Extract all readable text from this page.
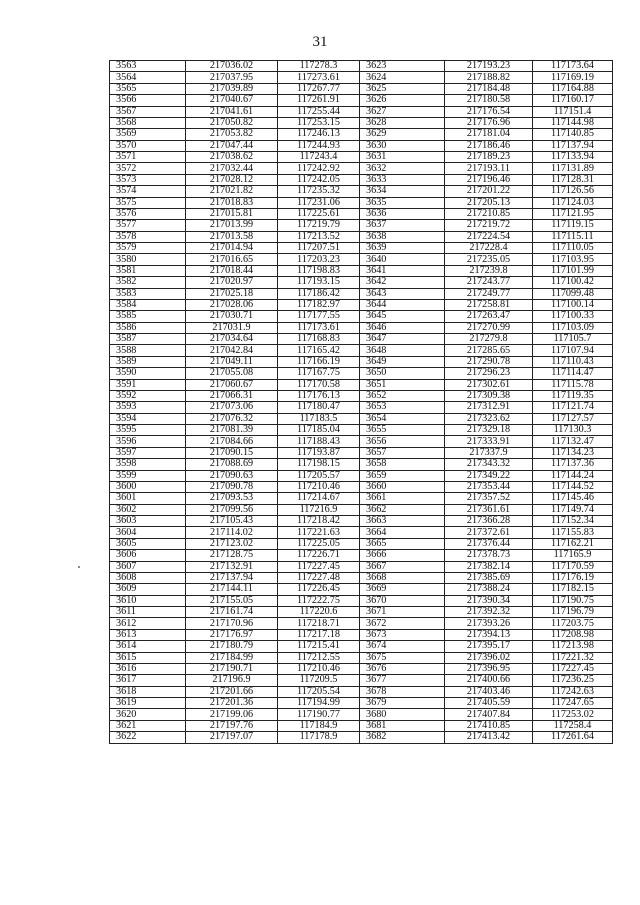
31
3563	217036.02	117278.3	3623	217193.23	117173.64
3564	217037.95	117273.61	3624	217188.82	117169.19
3565	217039.89	117267.77	3625	217184.48	117164.88
3566	217040.67	117261.91	3626	217180.58	117160.17
3567	217041.61	117255.44	3627	217176.54	117151.4
3568	217050.82	117253.15	3628	217176.96	117144.98
3569	217053.82	117246.13	3629	217181.04	117140.85
3570	217047.44	117244.93	3630	217186.46	117137.94
3571	217038.62	117243.4	3631	217189.23	117133.94
3572	217032.44	117242.92	3632	217193.11	117131.89
3573	217028.12	117242.05	3633	217196.46	117128.31
3574	217021.82	117235.32	3634	217201.22	117126.56
3575	217018.83	117231.06	3635	217205.13	117124.03
3576	217015.81	117225.61	3636	217210.85	117121.95
3577	217013.99	117219.79	3637	217219.72	117119.15
3578	217013.58	117213.52	3638	217224.54	117115.11
3579	217014.94	117207.51	3639	217228.4	117110.05
3580	217016.65	117203.23	3640	217235.05	117103.95
3581	217018.44	117198.83	3641	217239.8	117101.99
3582	217020.97	117193.15	3642	217243.77	117100.42
3583	217025.18	117186.42	3643	217249.77	117099.48
3584	217028.06	117182.97	3644	217258.81	117100.14
3585	217030.71	117177.55	3645	217263.47	117100.33
3586	217031.9	117173.61	3646	217270.99	117103.09
3587	217034.64	117168.83	3647	217279.8	117105.7
3588	217042.84	117165.42	3648	217285.65	117107.94
3589	217049.11	117166.19	3649	217290.78	117110.43
3590	217055.08	117167.75	3650	217296.23	117114.47
3591	217060.67	117170.58	3651	217302.61	117115.78
3592	217066.31	117176.13	3652	217309.38	117119.35
3593	217073.06	117180.47	3653	217312.91	117121.74
3594	217076.32	117183.5	3654	217323.62	117127.57
3595	217081.39	117185.04	3655	217329.18	117130.3
3596	217084.66	117188.43	3656	217333.91	117132.47
3597	217090.15	117193.87	3657	217337.9	117134.23
3598	217088.69	117198.15	3658	217343.32	117137.36
3599	217090.63	117205.57	3659	217349.22	117144.24
3600	217090.78	117210.46	3660	217353.44	117144.52
3601	217093.53	117214.67	3661	217357.52	117145.46
3602	217099.56	117216.9	3662	217361.61	117149.74
3603	217105.43	117218.42	3663	217366.28	117152.34
3604	217114.02	117221.63	3664	217372.61	117155.83
3605	217123.02	117225.05	3665	217376.44	117162.21
3606	217128.75	117226.71	3666	217378.73	117165.9
3607	217132.91	117227.45	3667	217382.14	117170.59
3608	217137.94	117227.48	3668	217385.69	117176.19
3609	217144.11	117226.45	3669	217388.24	117182.15
3610	217155.05	117222.75	3670	217390.34	117190.75
3611	217161.74	117220.6	3671	217392.32	117196.79
3612	217170.96	117218.71	3672	217393.26	117203.75
3613	217176.97	117217.18	3673	217394.13	117208.98
3614	217180.79	117215.41	3674	217395.17	117213.98
3615	217184.99	117212.55	3675	217396.02	117221.32
3616	217190.71	117210.46	3676	217396.95	117227.45
3617	217196.9	117209.5	3677	217400.66	117236.25
3618	217201.66	117205.54	3678	217403.46	117242.63
3619	217201.36	117194.99	3679	217405.59	117247.65
3620	217199.06	117190.77	3680	217407.84	117253.02
3621	217197.76	117184.9	3681	217410.85	117258.4
3622	217197.07	117178.9	3682	217413.42	117261.64
